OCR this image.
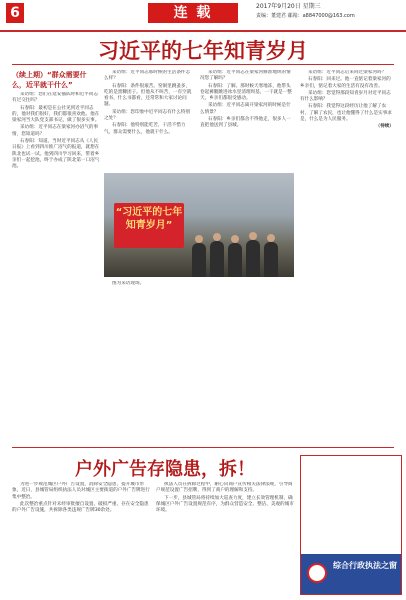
6	连 载	2017年9月20日 星期三
责编：董建君 邮箱：a8847000@163.com
习近平的七年知青岁月
（续上期）“群众需要什么，近平就干什么”

采访组：您们在延安插队时和近平同志有过交往吗？

石春阳：最初是在公社见到近平同志的，他对我们很好，我们都很喜欢他。他在梁家河当大队党支部书记，做了很多实事。

采访组：近平同志在梁家河办沼气的事情，您知道吗？

石春阳：知道。当时近平同志从《人民日报》上看到四川推广沼气的报道，就想在陕北也试一试。他到四川学习回来，带着乡亲们一起挖池，终于办成了陕北第一口沼气池。

采访组：近平同志那时候的生活条件怎么样？

石春阳：条件很艰苦。窑洞里跳蚤多，吃的是黑糠团子。但他从不叫苦，一有空就看书，什么书都看，还常常和大家讨论问题。

采访组：您印象中近平同志有什么特别之处？

石春阳：他特别能吃苦，干活不惜力气。群众需要什么，他就干什么。

采访组：近平同志在梁家河修淤地坝的情况您了解吗？

石春阳：了解。那时候天寒地冻，他带头卷起裤腿跳进冰水里清理坝基，一干就是一整天。乡亲们都很受感动。

采访组：近平同志离开梁家河的时候是什么情景？

石春阳：乡亲们都舍不得他走，很多人一直把他送到了县城。

采访组：近平同志后来回过梁家河吗？

石春阳：回来过。他一直惦记着梁家河的乡亲们，惦记着大家的生活有没有改善。

采访组：您觉得那段知青岁月对近平同志有什么影响？

石春阳：我觉得这段经历让他了解了农村，了解了农民，也让他懂得了什么是实事求是，什么是为人民服务。

（待续）

“习近平的七年知青岁月”

图为采访现场。

户外广告存隐患，拆！

为进一步规范城区户外广告设置，消除安全隐患，提升城市形象，近日，县城管局组织执法人员对城区主要街道的户外广告牌进行集中整治。

此次整治重点针对未经审批擅自设置、破损严重、存在安全隐患的户外广告设施，共拆除各类违规广告牌30余处。

执法人员在拆除过程中，耐心向商户宣传相关法律法规，引导商户规范设置广告招牌，得到了商户的理解和支持。

下一步，县城管局将持续加大巡查力度，建立长效管理机制，确保城区户外广告设置规范有序，为群众营造安全、整洁、美观的城市环境。

综合行政执法之窗
